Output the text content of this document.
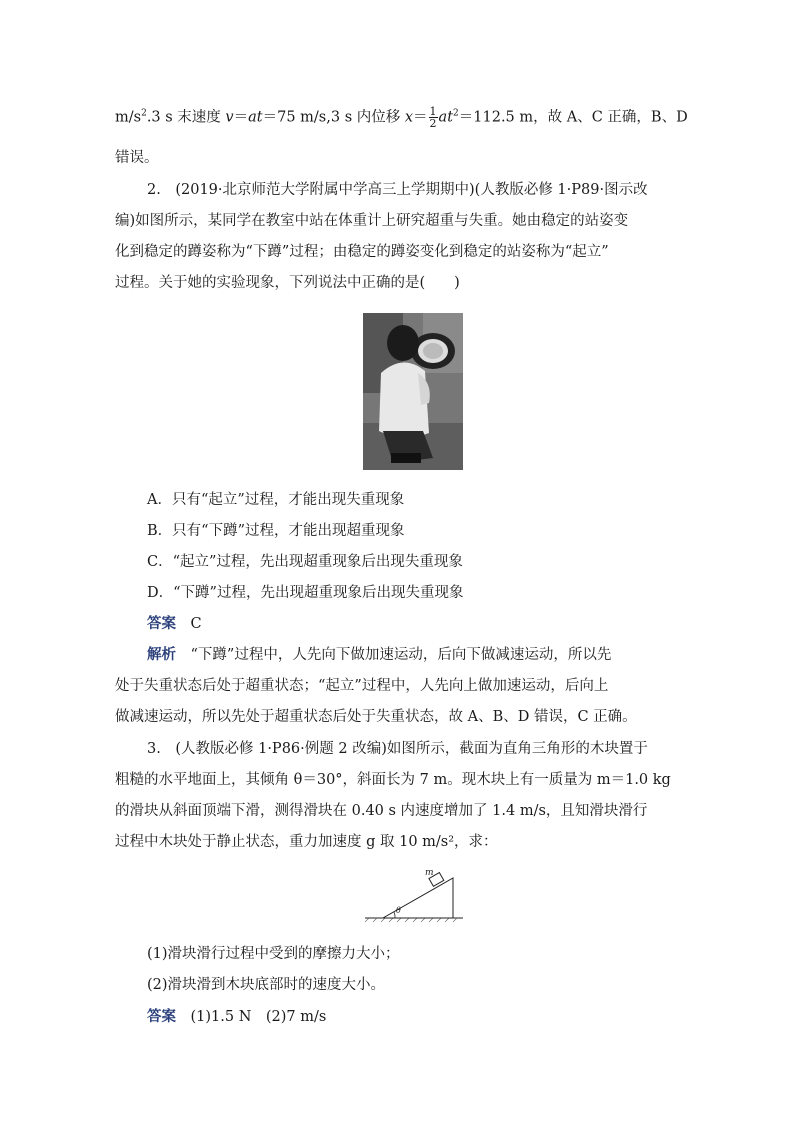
$m/s^2.3$ s 末速度 v＝at＝75 m/s,3 s 内位移 $x= \frac{1}{2} at^2=112.5$ m，故 A、C 正确，B、D
错误。
2.　(2019·北京师范大学附属中学高三上学期期中)(人教版必修 1·P89·图示改
编)如图所示，某同学在教室中站在体重计上研究超重与失重。她由稳定的站姿变
化到稳定的蹲姿称为“下蹲”过程；由稳定的蹲姿变化到稳定的站姿称为“起立”
过程。关于她的实验现象，下列说法中正确的是(　　)
A．只有“起立”过程，才能出现失重现象
B．只有“下蹲”过程，才能出现超重现象
C．“起立”过程，先出现超重现象后出现失重现象
D．“下蹲”过程，先出现超重现象后出现失重现象
答案　 C
解析　 “下蹲”过程中，人先向下做加速运动，后向下做减速运动，所以先
处于失重状态后处于超重状态；“起立”过程中，人先向上做加速运动，后向上
做减速运动，所以先处于超重状态后处于失重状态，故 A、B、D 错误，C 正确。
3.　(人教版必修 1·P86·例题 2 改编)如图所示，截面为直角三角形的木块置于
粗糙的水平地面上，其倾角 θ＝30°，斜面长为 7 m。现木块上有一质量为 m＝1.0 kg
的滑块从斜面顶端下滑，测得滑块在 0.40 s 内速度增加了 1.4 m/s，且知滑块滑行
过程中木块处于静止状态，重力加速度 g 取 10 m/s²，求：
m
θ
(1)滑块滑行过程中受到的摩擦力大小；
(2)滑块滑到木块底部时的速度大小。
答案　 (1)1.5 N　(2)7 m/s
